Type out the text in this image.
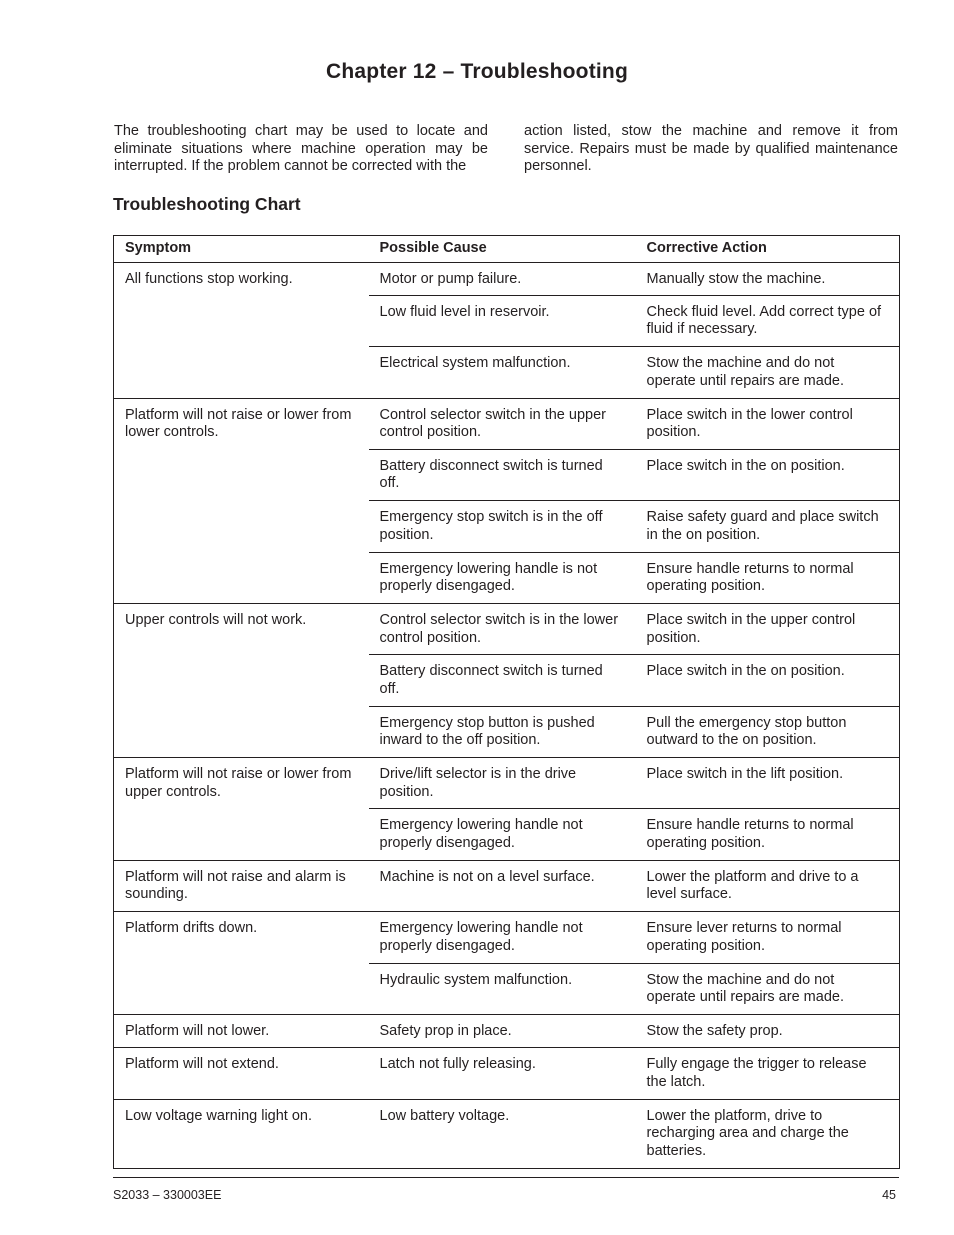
Chapter 12 – Troubleshooting

The troubleshooting chart may be used to locate and eliminate situations where machine operation may be interrupted. If the problem cannot be corrected with the

action listed, stow the machine and remove it from service. Repairs must be made by qualified maintenance personnel.

Troubleshooting Chart
Symptom	Possible Cause	Corrective Action
All functions stop working.	Motor or pump failure.	Manually stow the machine.
	Low fluid level in reservoir.	Check fluid level. Add correct type of fluid if necessary.
	Electrical system malfunction.	Stow the machine and do not operate until repairs are made.
Platform will not raise or lower from lower controls.	Control selector switch in the upper control position.	Place switch in the lower control position.
	Battery disconnect switch is turned off.	Place switch in the on position.
	Emergency stop switch is in the off position.	Raise safety guard and place switch in the on position.
	Emergency lowering handle is not properly disengaged.	Ensure handle returns to normal operating position.
Upper controls will not work.	Control selector switch is in the lower control position.	Place switch in the upper control position.
	Battery disconnect switch is turned off.	Place switch in the on position.
	Emergency stop button is pushed inward to the off position.	Pull the emergency stop button outward to the on position.
Platform will not raise or lower from upper controls.	Drive/lift selector is in the drive position.	Place switch in the lift position.
	Emergency lowering handle not properly disengaged.	Ensure handle returns to normal operating position.
Platform will not raise and alarm is sounding.	Machine is not on a level surface.	Lower the platform and drive to a level surface.
Platform drifts down.	Emergency lowering handle not properly disengaged.	Ensure lever returns to normal operating position.
	Hydraulic system malfunction.	Stow the machine and do not operate until repairs are made.
Platform will not lower.	Safety prop in place.	Stow the safety prop.
Platform will not extend.	Latch not fully releasing.	Fully engage the trigger to release the latch.
Low voltage warning light on.	Low battery voltage.	Lower the platform, drive to recharging area and charge the batteries.
S2033 – 330003EE	45
